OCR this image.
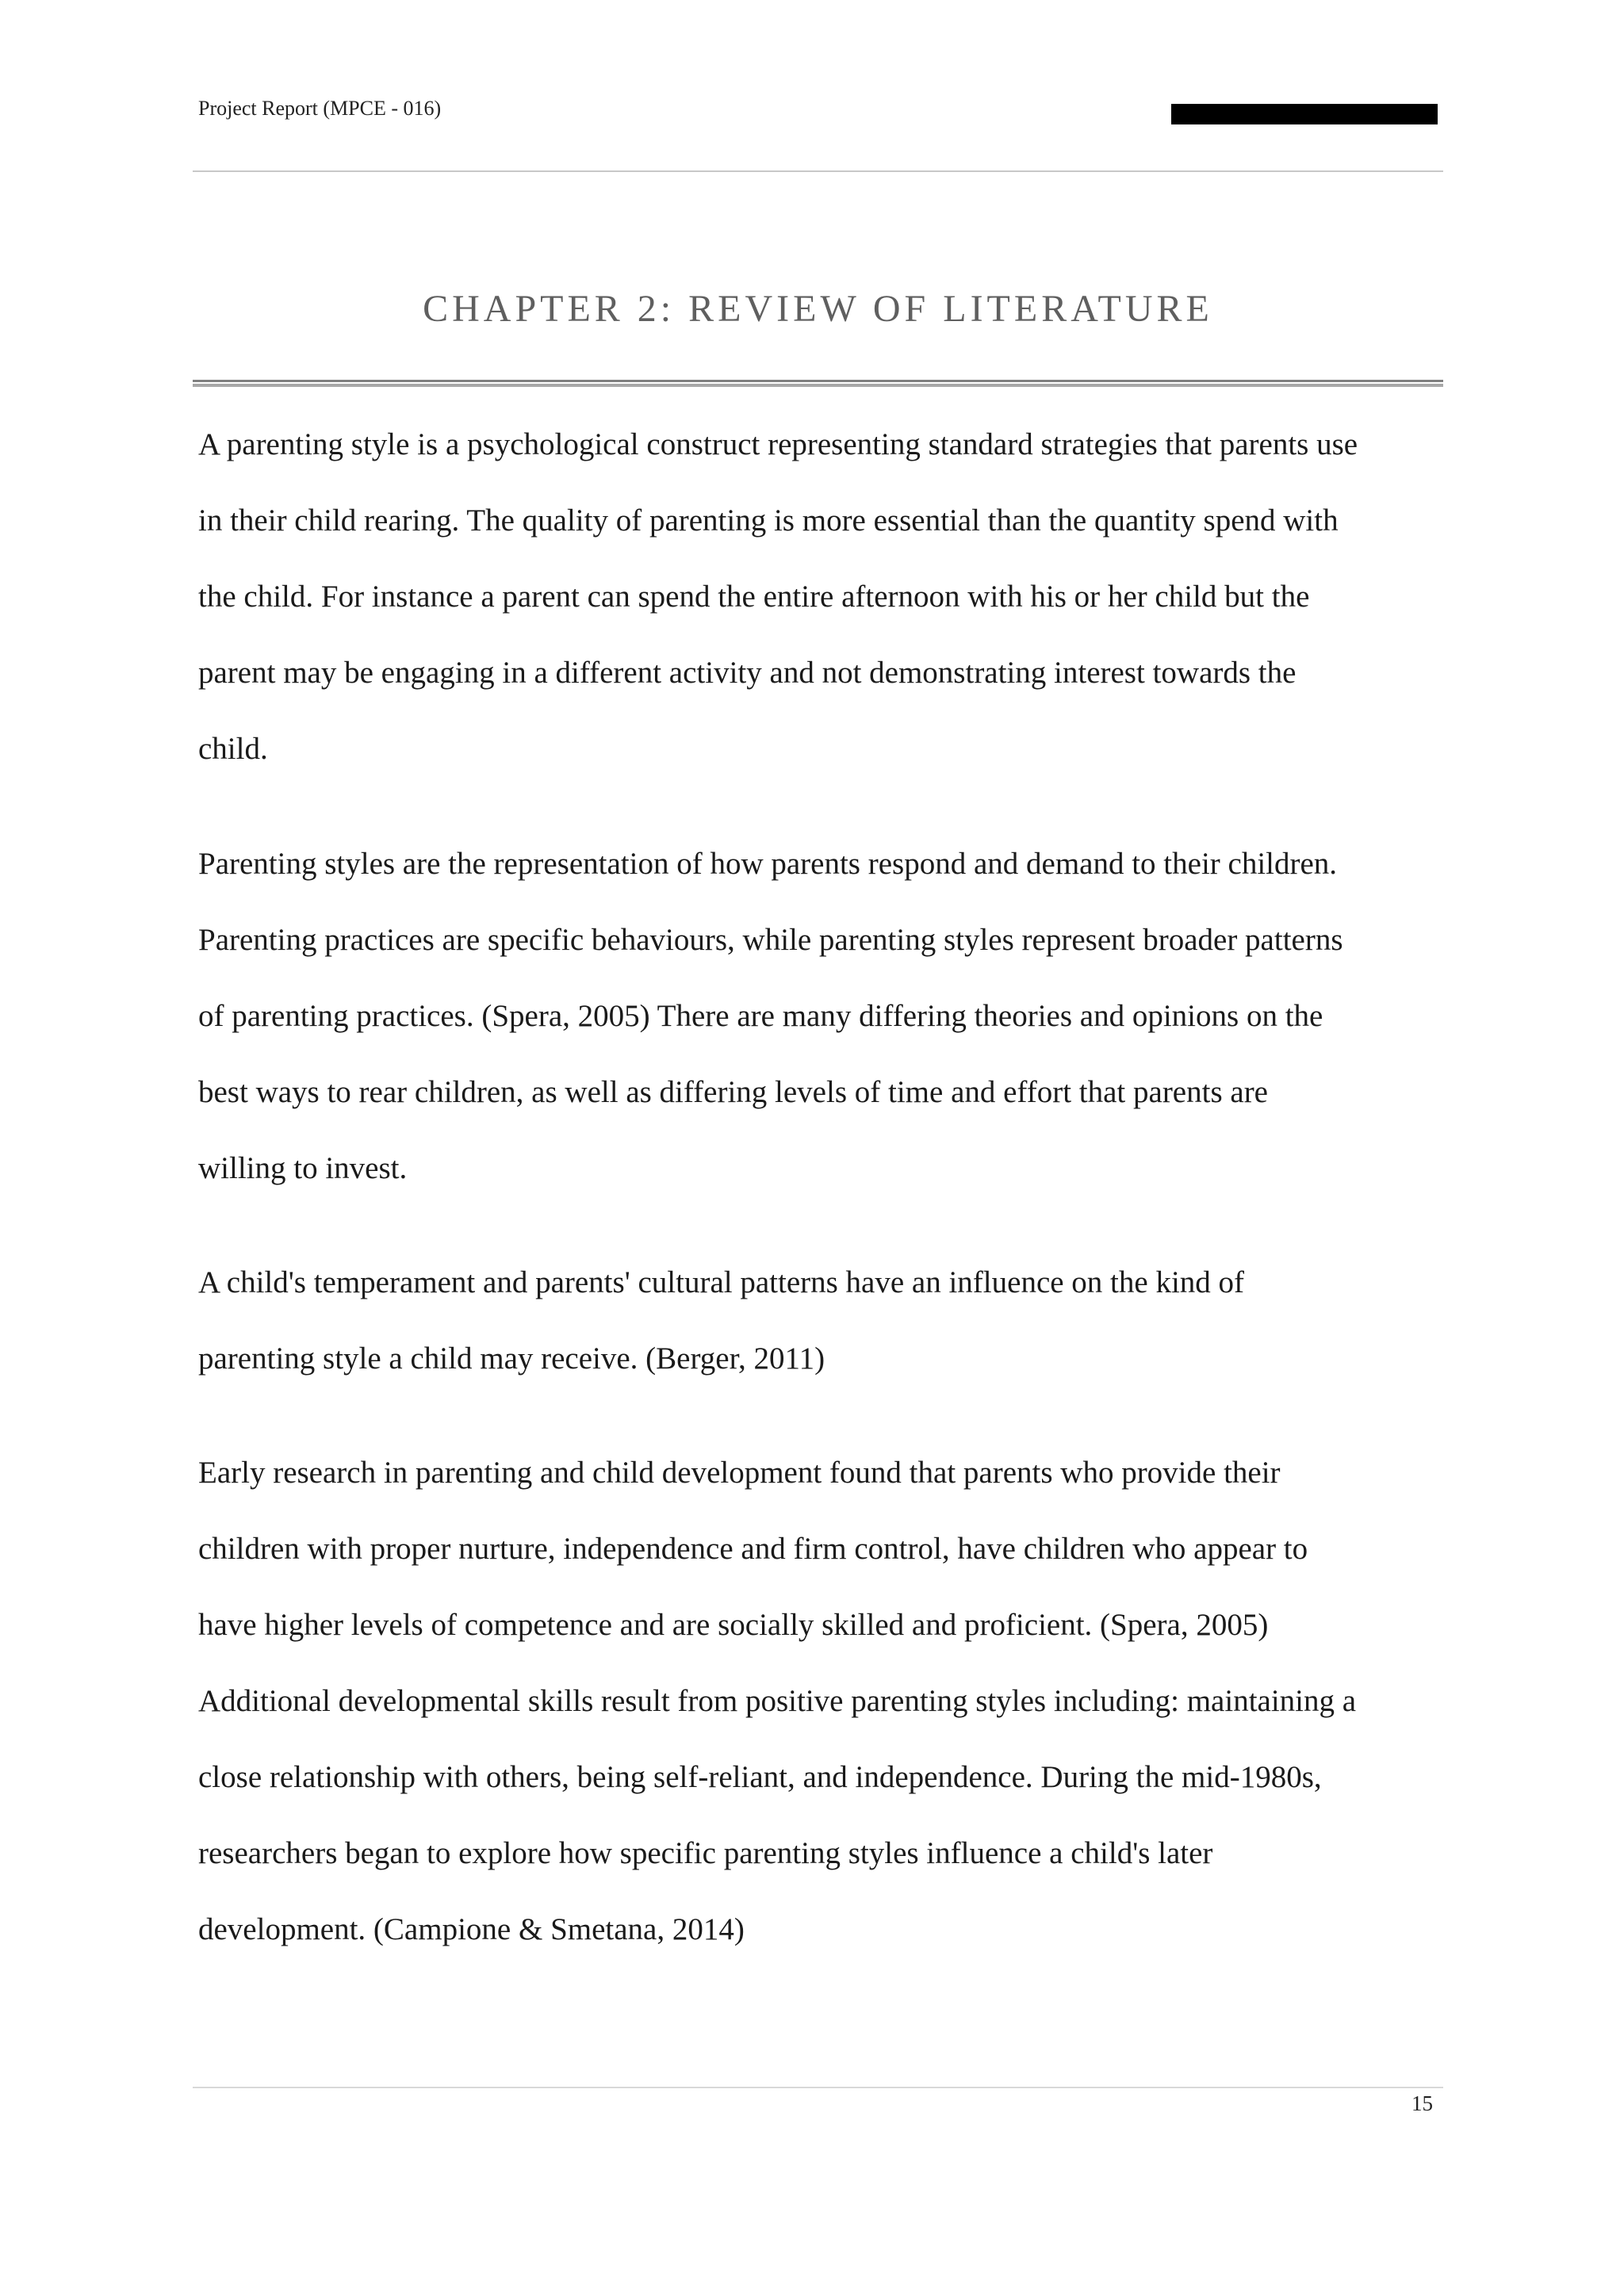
Project Report (MPCE - 016)
CHAPTER 2: REVIEW OF LITERATURE
A parenting style is a psychological construct representing standard strategies that parents use
in their child rearing. The quality of parenting is more essential than the quantity spend with
the child. For instance a parent can spend the entire afternoon with his or her child but the
parent may be engaging in a different activity and not demonstrating interest towards the
child.
Parenting styles are the representation of how parents respond and demand to their children.
Parenting practices are specific behaviours, while parenting styles represent broader patterns
of parenting practices. (Spera, 2005) There are many differing theories and opinions on the
best ways to rear children, as well as differing levels of time and effort that parents are
willing to invest.
A child's temperament and parents' cultural patterns have an influence on the kind of
parenting style a child may receive. (Berger, 2011)
Early research in parenting and child development found that parents who provide their
children with proper nurture, independence and firm control, have children who appear to
have higher levels of competence and are socially skilled and proficient. (Spera, 2005)
Additional developmental skills result from positive parenting styles including: maintaining a
close relationship with others, being self-reliant, and independence. During the mid-1980s,
researchers began to explore how specific parenting styles influence a child's later
development. (Campione & Smetana, 2014)
15
